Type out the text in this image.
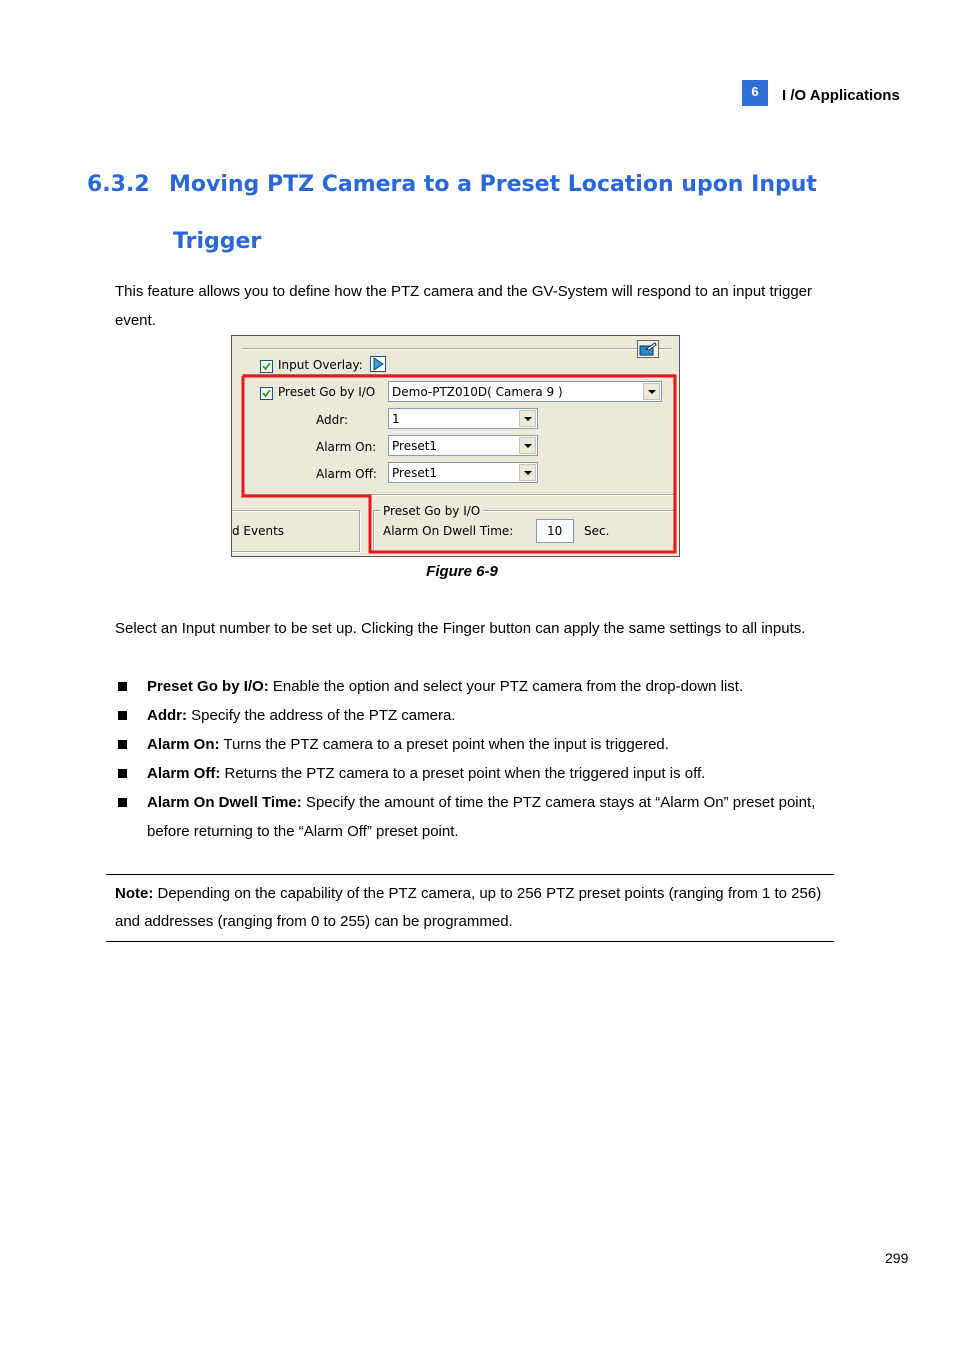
6	I /O Applications
6.3.2 Moving PTZ Camera to a Preset Location upon Input
Trigger
This feature allows you to define how the PTZ camera and the GV-System will respond to an input trigger event.
Input Overlay:
Preset Go by I/O Demo-PTZ010D( Camera 9 )
Addr:	1
Alarm On: Preset1
Alarm Off: Preset1
d Events
Preset Go by I/O
Alarm On Dwell Time:	10 Sec.
Figure 6-9
Select an Input number to be set up. Clicking the Finger button can apply the same settings to all inputs.
Preset Go by I/O: Enable the option and select your PTZ camera from the drop-down list.
Addr: Specify the address of the PTZ camera.
Alarm On: Turns the PTZ camera to a preset point when the input is triggered.
Alarm Off: Returns the PTZ camera to a preset point when the triggered input is off.
Alarm On Dwell Time: Specify the amount of time the PTZ camera stays at “Alarm On” preset point, before returning to the “Alarm Off” preset point.
Note: Depending on the capability of the PTZ camera, up to 256 PTZ preset points (ranging from 1 to 256) and addresses (ranging from 0 to 255) can be programmed.
299
